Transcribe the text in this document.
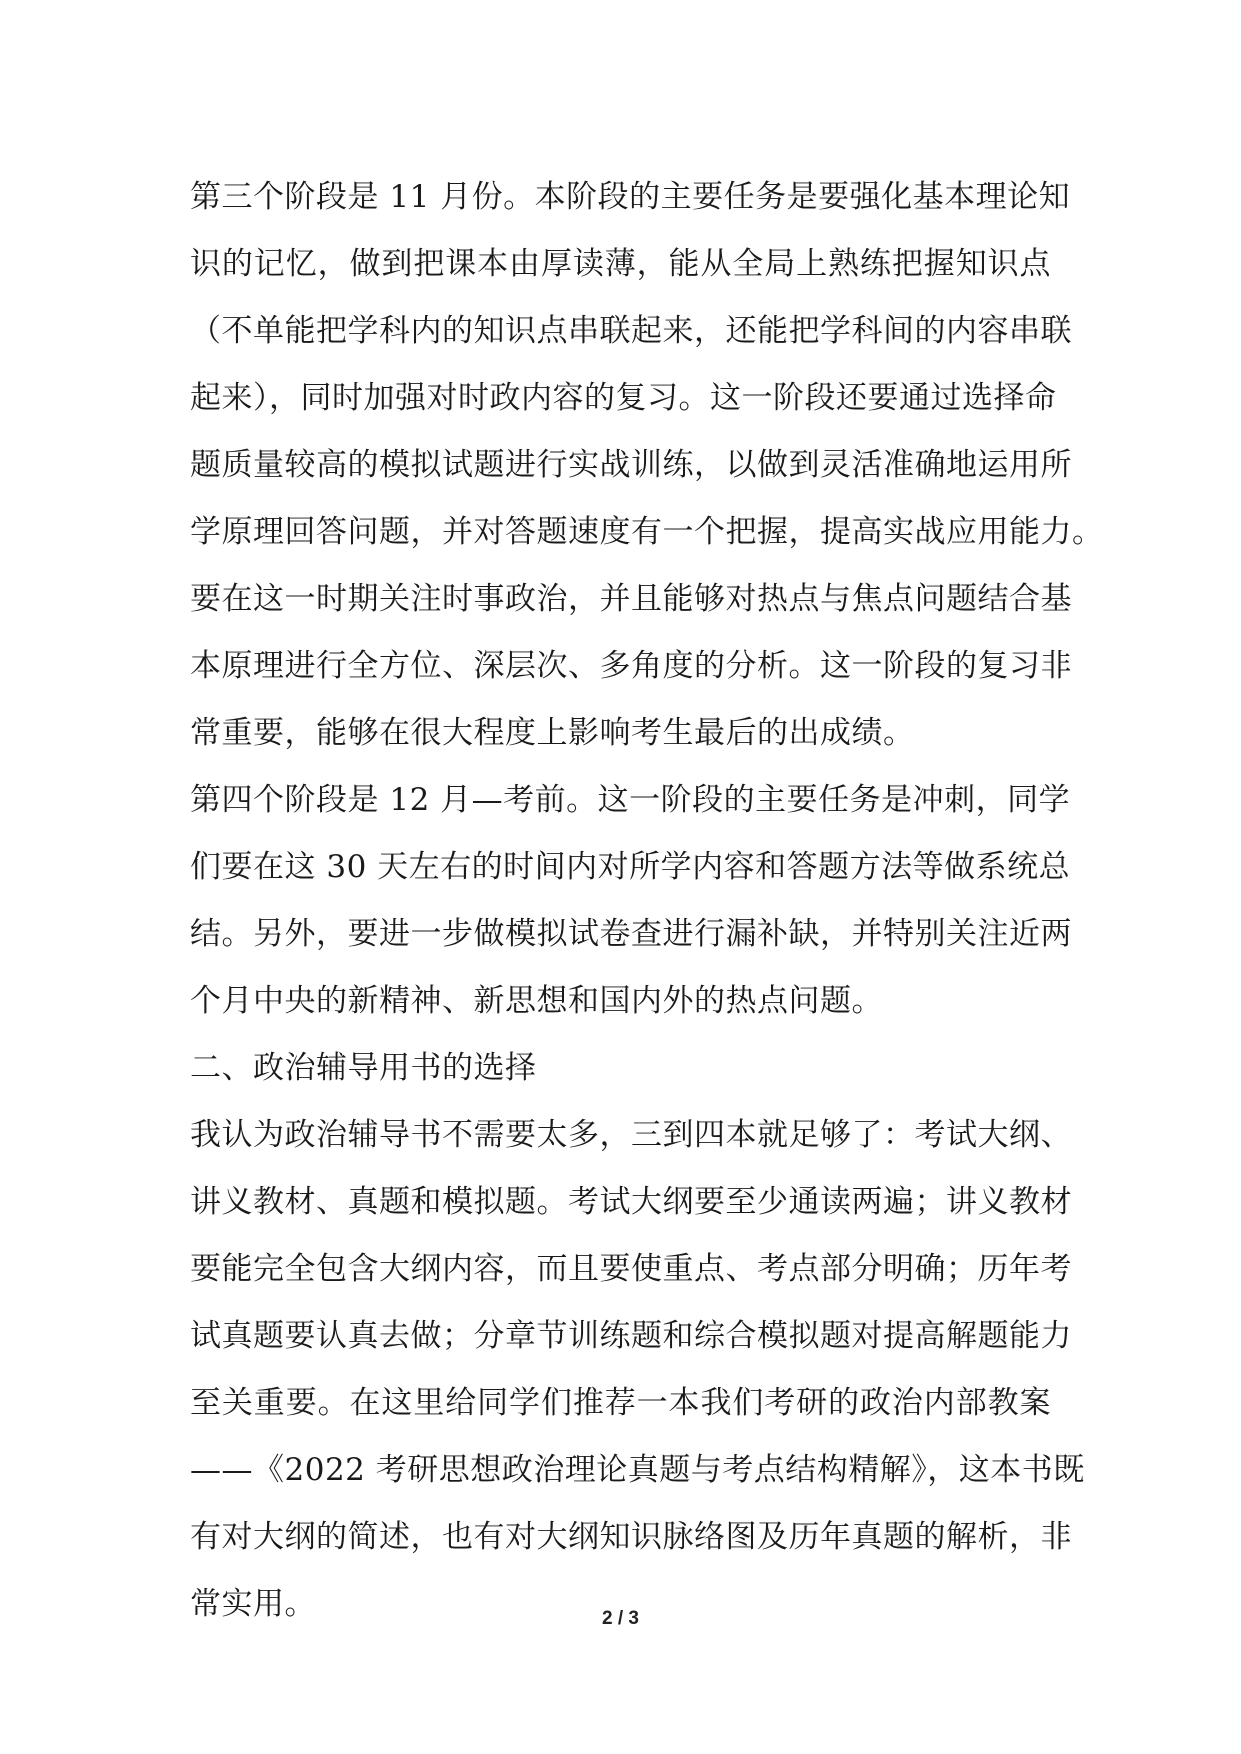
第三个阶段是 11 月份。本阶段的主要任务是要强化基本理论知
识的记忆，做到把课本由厚读薄，能从全局上熟练把握知识点
（不单能把学科内的知识点串联起来，还能把学科间的内容串联
起来），同时加强对时政内容的复习。这一阶段还要通过选择命
题质量较高的模拟试题进行实战训练，以做到灵活准确地运用所
学原理回答问题，并对答题速度有一个把握，提高实战应用能力。
要在这一时期关注时事政治，并且能够对热点与焦点问题结合基
本原理进行全方位、深层次、多角度的分析。这一阶段的复习非
常重要，能够在很大程度上影响考生最后的出成绩。
第四个阶段是 12 月—考前。这一阶段的主要任务是冲刺，同学
们要在这 30 天左右的时间内对所学内容和答题方法等做系统总
结。另外，要进一步做模拟试卷查进行漏补缺，并特别关注近两
个月中央的新精神、新思想和国内外的热点问题。
二、政治辅导用书的选择
我认为政治辅导书不需要太多，三到四本就足够了：考试大纲、
讲义教材、真题和模拟题。考试大纲要至少通读两遍；讲义教材
要能完全包含大纲内容，而且要使重点、考点部分明确；历年考
试真题要认真去做；分章节训练题和综合模拟题对提高解题能力
至关重要。在这里给同学们推荐一本我们考研的政治内部教案
——《2022 考研思想政治理论真题与考点结构精解》，这本书既
有对大纲的简述，也有对大纲知识脉络图及历年真题的解析，非
常实用。	2 / 3
